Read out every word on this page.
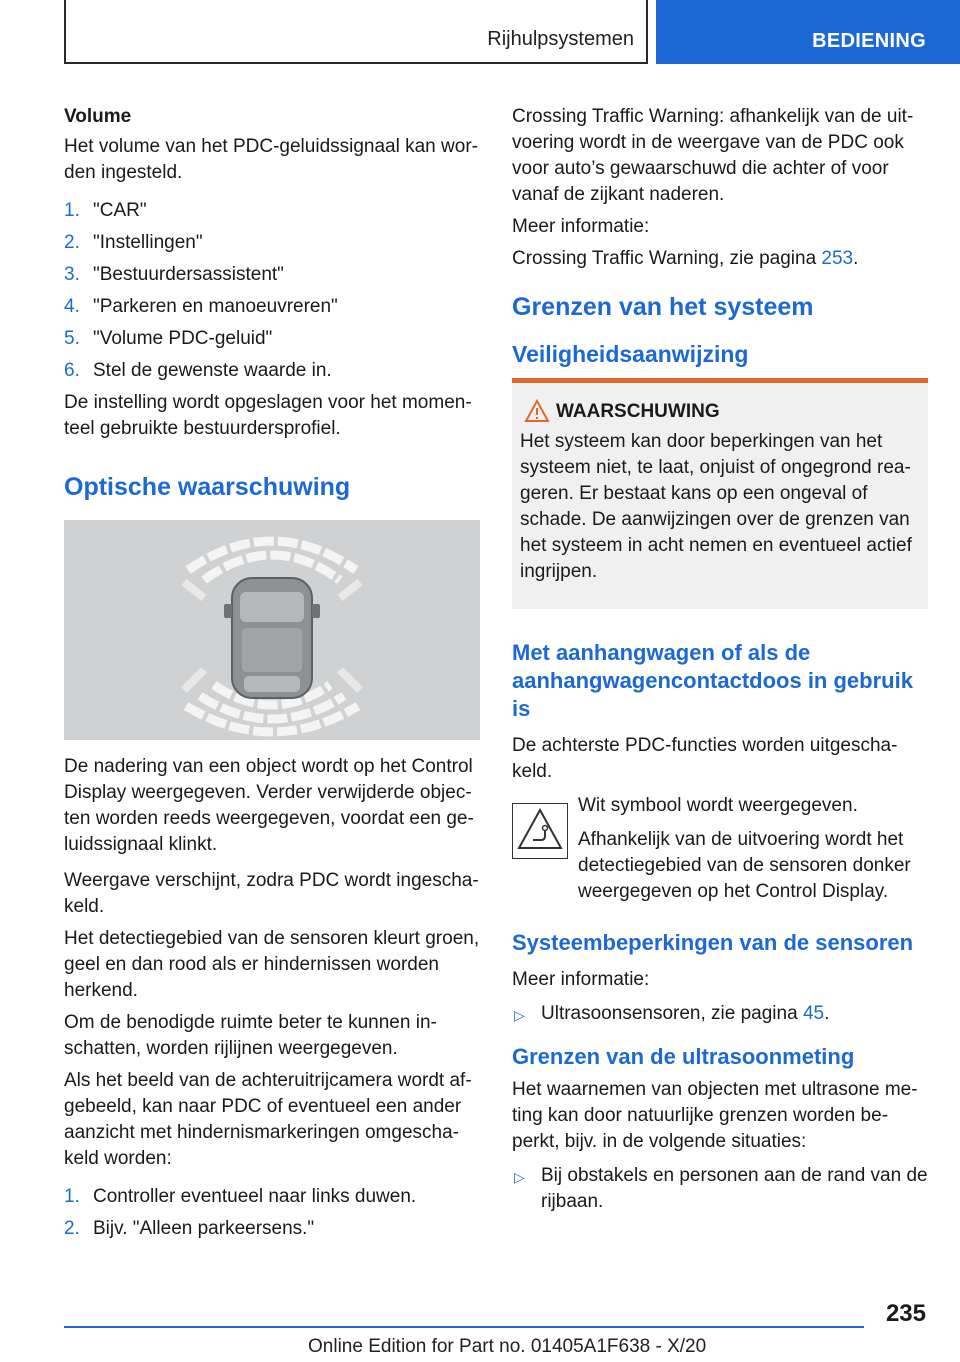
Rijhulpsystemen	BEDIENING

Volume

Het volume van het PDC-geluidssignaal kan worden ingesteld.

1. "CAR"
2. "Instellingen"
3. "Bestuurdersassistent"
4. "Parkeren en manoeuvreren"
5. "Volume PDC-geluid"
6. Stel de gewenste waarde in.

De instelling wordt opgeslagen voor het momenteel gebruikte bestuurdersprofiel.

Optische waarschuwing

De nadering van een object wordt op het Control Display weergegeven. Verder verwijderde objecten worden reeds weergegeven, voordat een geluidssignaal klinkt.

Weergave verschijnt, zodra PDC wordt ingeschakeld.

Het detectiegebied van de sensoren kleurt groen, geel en dan rood als er hindernissen worden herkend.

Om de benodigde ruimte beter te kunnen inschatten, worden rijlijnen weergegeven.

Als het beeld van de achteruitrijcamera wordt afgebeeld, kan naar PDC of eventueel een ander aanzicht met hindernismarkeringen omgeschakeld worden:

1. Controller eventueel naar links duwen.
2. Bijv. "Alleen parkeersens."

Crossing Traffic Warning: afhankelijk van de uitvoering wordt in de weergave van de PDC ook voor auto’s gewaarschuwd die achter of voor vanaf de zijkant naderen.

Meer informatie:

Crossing Traffic Warning, zie pagina 253.

Grenzen van het systeem
Veiligheidsaanwijzing
WAARSCHUWING

Het systeem kan door beperkingen van het systeem niet, te laat, onjuist of ongegrond reageren. Er bestaat kans op een ongeval of schade. De aanwijzingen over de grenzen van het systeem in acht nemen en eventueel actief ingrijpen.

Met aanhangwagen of als de aanhangwagencontactdoos in gebruik is

De achterste PDC-functies worden uitgeschakeld.

Wit symbool wordt weergegeven.

Afhankelijk van de uitvoering wordt het detectiegebied van de sensoren donker weergegeven op het Control Display.

Systeembeperkingen van de sensoren

Meer informatie:

▷ Ultrasoonsensoren, zie pagina 45.
Grenzen van de ultrasoonmeting

Het waarnemen van objecten met ultrasone meting kan door natuurlijke grenzen worden beperkt, bijv. in de volgende situaties:

▷ Bij obstakels en personen aan de rand van de rijbaan.
235
Online Edition for Part no. 01405A1F638 - X/20
